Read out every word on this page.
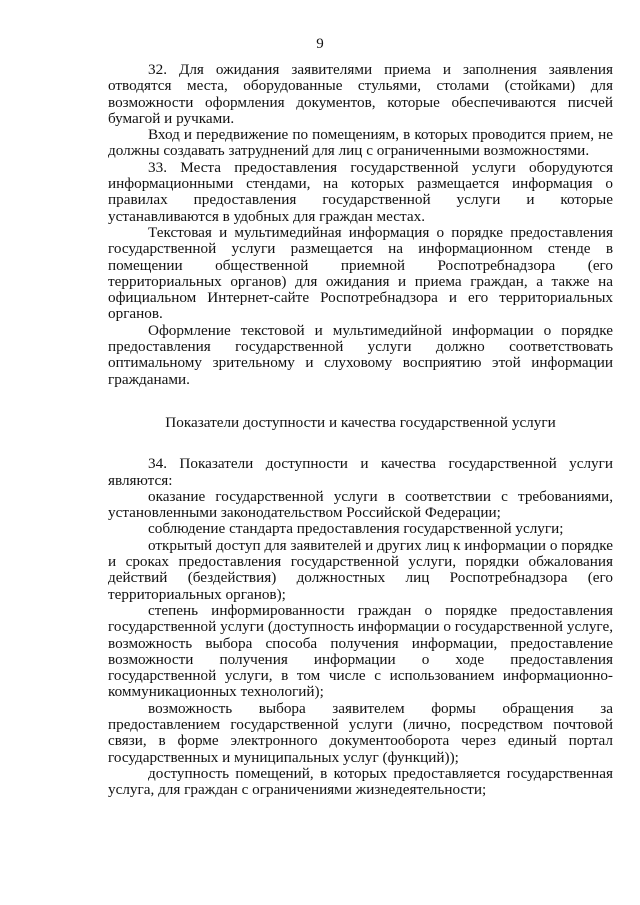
9

32. Для ожидания заявителями приема и заполнения заявления отводятся места, оборудованные стульями, столами (стойками) для возможности оформления документов, которые обеспечиваются писчей бумагой и ручками.

Вход и передвижение по помещениям, в которых проводится прием, не должны создавать затруднений для лиц с ограниченными возможностями.

33. Места предоставления государственной услуги оборудуются информационными стендами, на которых размещается информация о правилах предоставления государственной услуги и которые устанавливаются в удобных для граждан местах.

Текстовая и мультимедийная информация о порядке предоставления государственной услуги размещается на информационном стенде в помещении общественной приемной Роспотребнадзора (его территориальных органов) для ожидания и приема граждан, а также на официальном Интернет-сайте Роспотребнадзора и его территориальных органов.

Оформление текстовой и мультимедийной информации о порядке предоставления государственной услуги должно соответствовать оптимальному зрительному и слуховому восприятию этой информации гражданами.

Показатели доступности и качества государственной услуги

34. Показатели доступности и качества государственной услуги являются:

оказание государственной услуги в соответствии с требованиями, установленными законодательством Российской Федерации;

соблюдение стандарта предоставления государственной услуги;

открытый доступ для заявителей и других лиц к информации о порядке и сроках предоставления государственной услуги, порядки обжалования действий (бездействия) должностных лиц Роспотребнадзора (его территориальных органов);

степень информированности граждан о порядке предоставления государственной услуги (доступность информации о государственной услуге, возможность выбора способа получения информации, предоставление возможности получения информации о ходе предоставления государственной услуги, в том числе с использованием информационно-коммуникационных технологий);

возможность выбора заявителем формы обращения за предоставлением государственной услуги (лично, посредством почтовой связи, в форме электронного документооборота через единый портал государственных и муниципальных услуг (функций));

доступность помещений, в которых предоставляется государственная услуга, для граждан с ограничениями жизнедеятельности;
